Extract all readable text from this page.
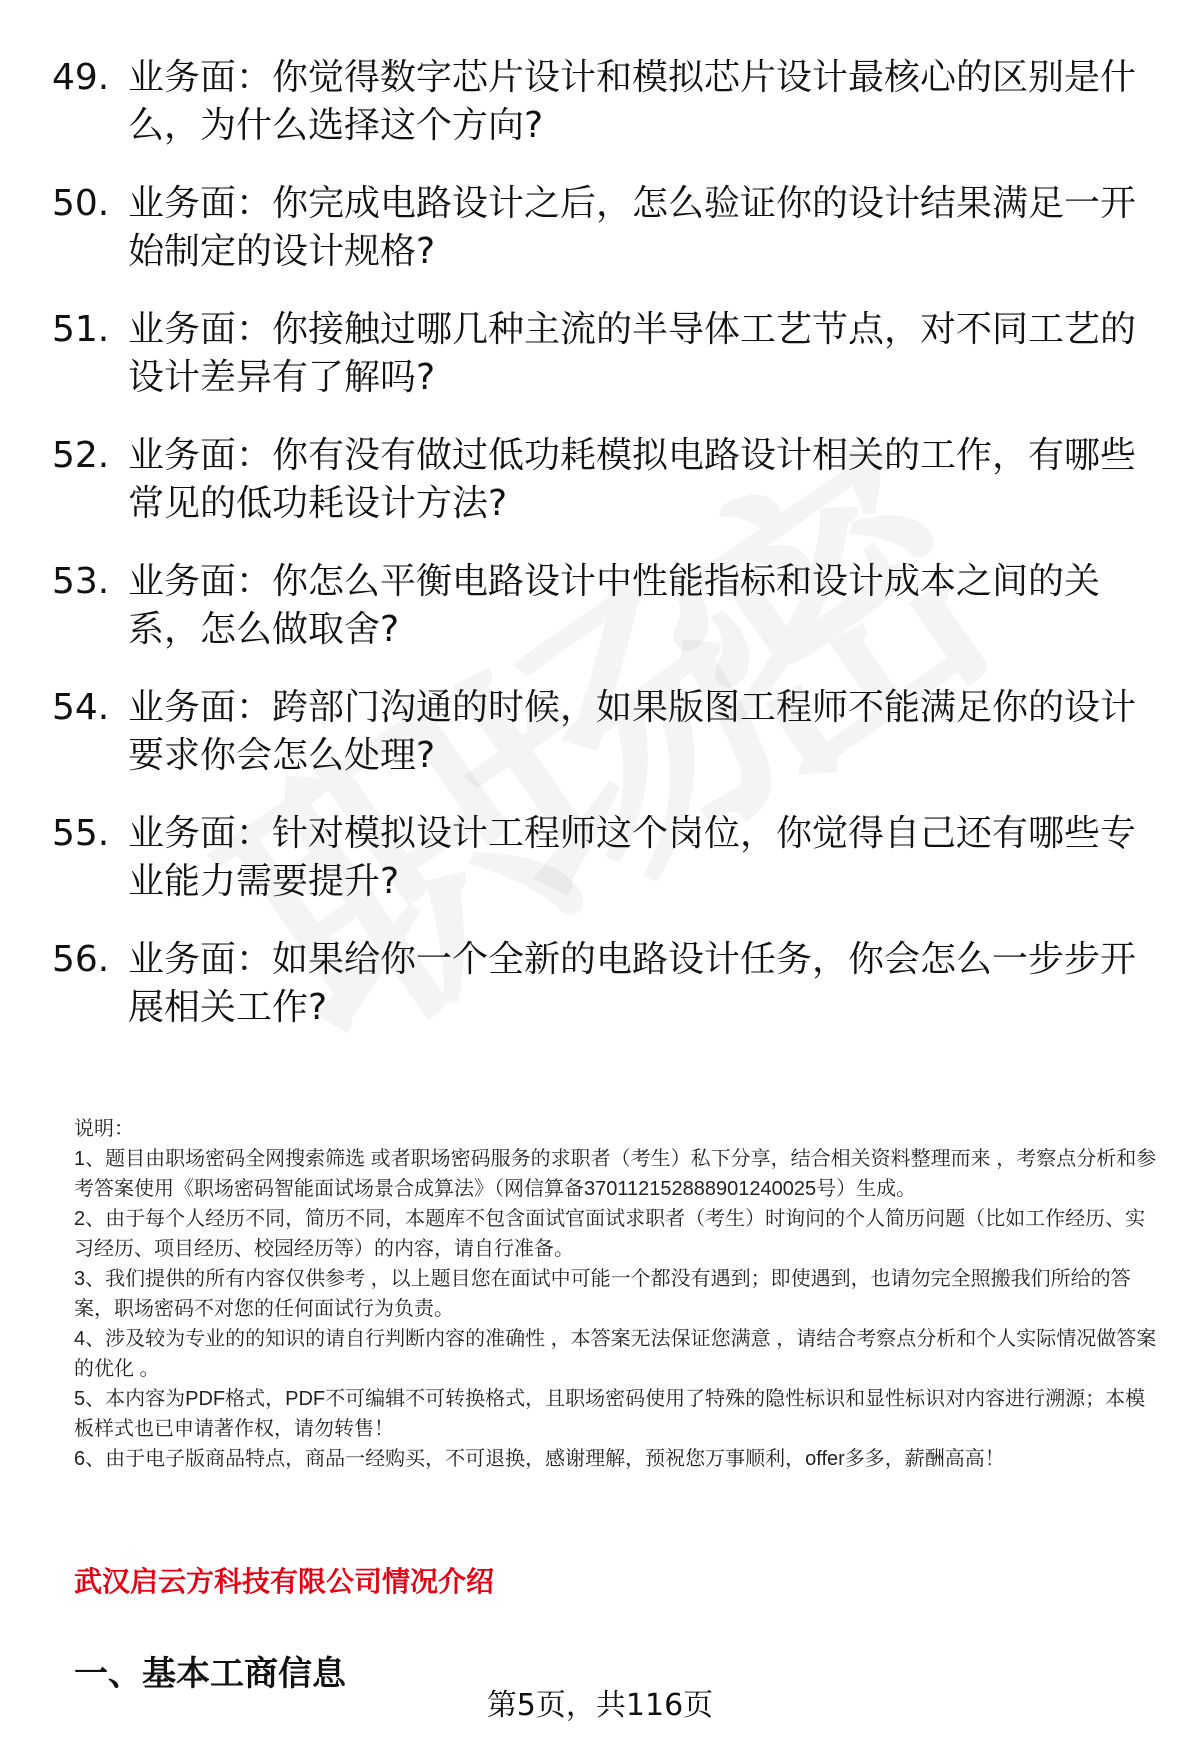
49. 业务面：你觉得数字芯片设计和模拟芯片设计最核心的区别是什么，为什么选择这个方向?
50. 业务面：你完成电路设计之后，怎么验证你的设计结果满足一开始制定的设计规格?
51. 业务面：你接触过哪几种主流的半导体工艺节点，对不同工艺的设计差异有了解吗?
52. 业务面：你有没有做过低功耗模拟电路设计相关的工作，有哪些常见的低功耗设计方法?
53. 业务面：你怎么平衡电路设计中性能指标和设计成本之间的关系，怎么做取舍?
54. 业务面：跨部门沟通的时候，如果版图工程师不能满足你的设计要求你会怎么处理?
55. 业务面：针对模拟设计工程师这个岗位，你觉得自己还有哪些专业能力需要提升?
56. 业务面：如果给你一个全新的电路设计任务，你会怎么一步步开展相关工作?
说明：
1、题目由职场密码全网搜索筛选 或者职场密码服务的求职者（考生）私下分享，结合相关资料整理而来 ，考察点分析和参考答案使用《职场密码智能面试场景合成算法》（网信算备370112152888901240025号）生成。
2、由于每个人经历不同，简历不同，本题库不包含面试官面试求职者（考生）时询问的个人简历问题（比如工作经历、实习经历、项目经历、校园经历等）的内容，请自行准备。
3、我们提供的所有内容仅供参考 ，以上题目您在面试中可能一个都没有遇到；即使遇到，也请勿完全照搬我们所给的答案，职场密码不对您的任何面试行为负责。
4、涉及较为专业的的知识的请自行判断内容的准确性 ，本答案无法保证您满意 ，请结合考察点分析和个人实际情况做答案的优化 。
5、本内容为PDF格式，PDF不可编辑不可转换格式，且职场密码使用了特殊的隐性标识和显性标识对内容进行溯源；本模板样式也已申请著作权，请勿转售！
6、由于电子版商品特点，商品一经购买，不可退换，感谢理解，预祝您万事顺利，offer多多，薪酬高高！
武汉启云方科技有限公司情况介绍
一、基本工商信息
第5页，共116页
